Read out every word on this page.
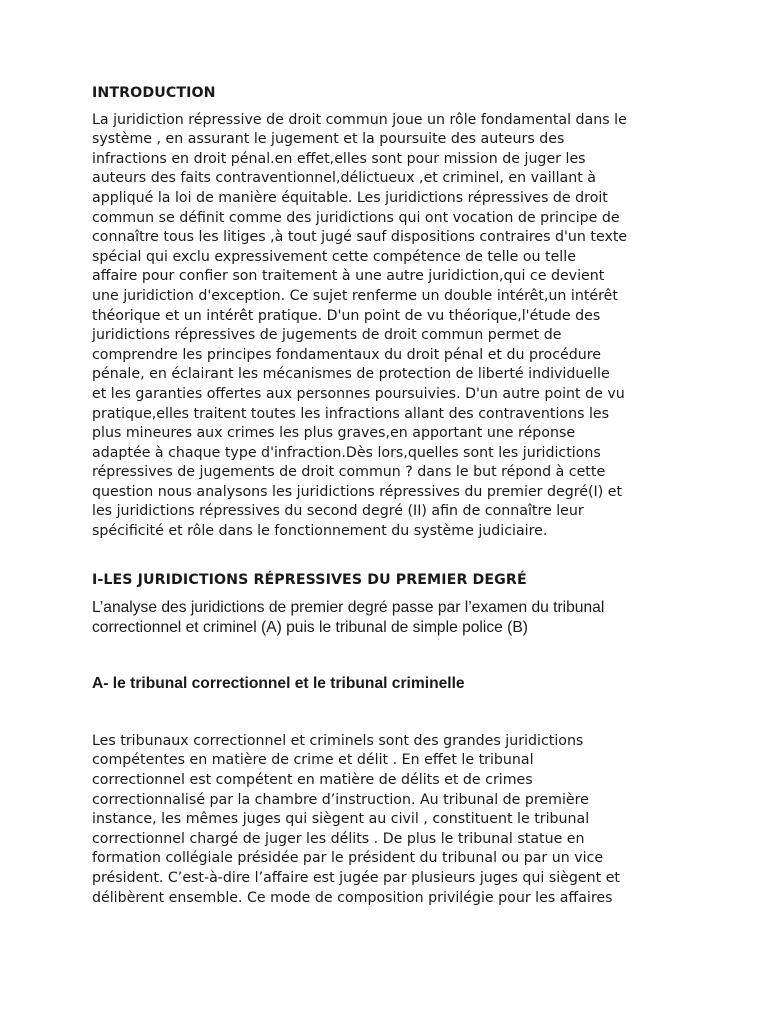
INTRODUCTION

La juridiction répressive de droit commun joue un rôle fondamental dans le
système , en assurant le jugement et la poursuite des auteurs des
infractions en droit pénal.en effet,elles sont pour mission de juger les
auteurs des faits contraventionnel,délictueux ,et criminel, en vaillant à
appliqué la loi de manière équitable. Les juridictions répressives de droit
commun se définit comme des juridictions qui ont vocation de principe de
connaître tous les litiges ,à tout jugé sauf dispositions contraires d'un texte
spécial qui exclu expressivement cette compétence de telle ou telle
affaire pour confier son traitement à une autre juridiction,qui ce devient
une juridiction d'exception. Ce sujet renferme un double intérêt,un intérêt
théorique et un intérêt pratique. D'un point de vu théorique,l'étude des
juridictions répressives de jugements de droit commun permet de
comprendre les principes fondamentaux du droit pénal et du procédure
pénale, en éclairant les mécanismes de protection de liberté individuelle
et les garanties offertes aux personnes poursuivies. D'un autre point de vu
pratique,elles traitent toutes les infractions allant des contraventions les
plus mineures aux crimes les plus graves,en apportant une réponse
adaptée à chaque type d'infraction.Dès lors,quelles sont les juridictions
répressives de jugements de droit commun ? dans le but répond à cette
question nous analysons les juridictions répressives du premier degré(I) et
les juridictions répressives du second degré (II) afin de connaître leur
spécificité et rôle dans le fonctionnement du système judiciaire.

I-LES JURIDICTIONS RÉPRESSIVES DU PREMIER DEGRÉ

L’analyse des juridictions de premier degré passe par l’examen du tribunal
correctionnel et criminel (A) puis le tribunal de simple police (B)

A- le tribunal correctionnel et le tribunal criminelle

Les tribunaux correctionnel et criminels sont des grandes juridictions
compétentes en matière de crime et délit . En effet le tribunal
correctionnel est compétent en matière de délits et de crimes
correctionnalisé par la chambre d’instruction. Au tribunal de première
instance, les mêmes juges qui siègent au civil , constituent le tribunal
correctionnel chargé de juger les délits . De plus le tribunal statue en
formation collégiale présidée par le président du tribunal ou par un vice
président. C’est-à-dire l’affaire est jugée par plusieurs juges qui siègent et
délibèrent ensemble. Ce mode de composition privilégie pour les affaires
